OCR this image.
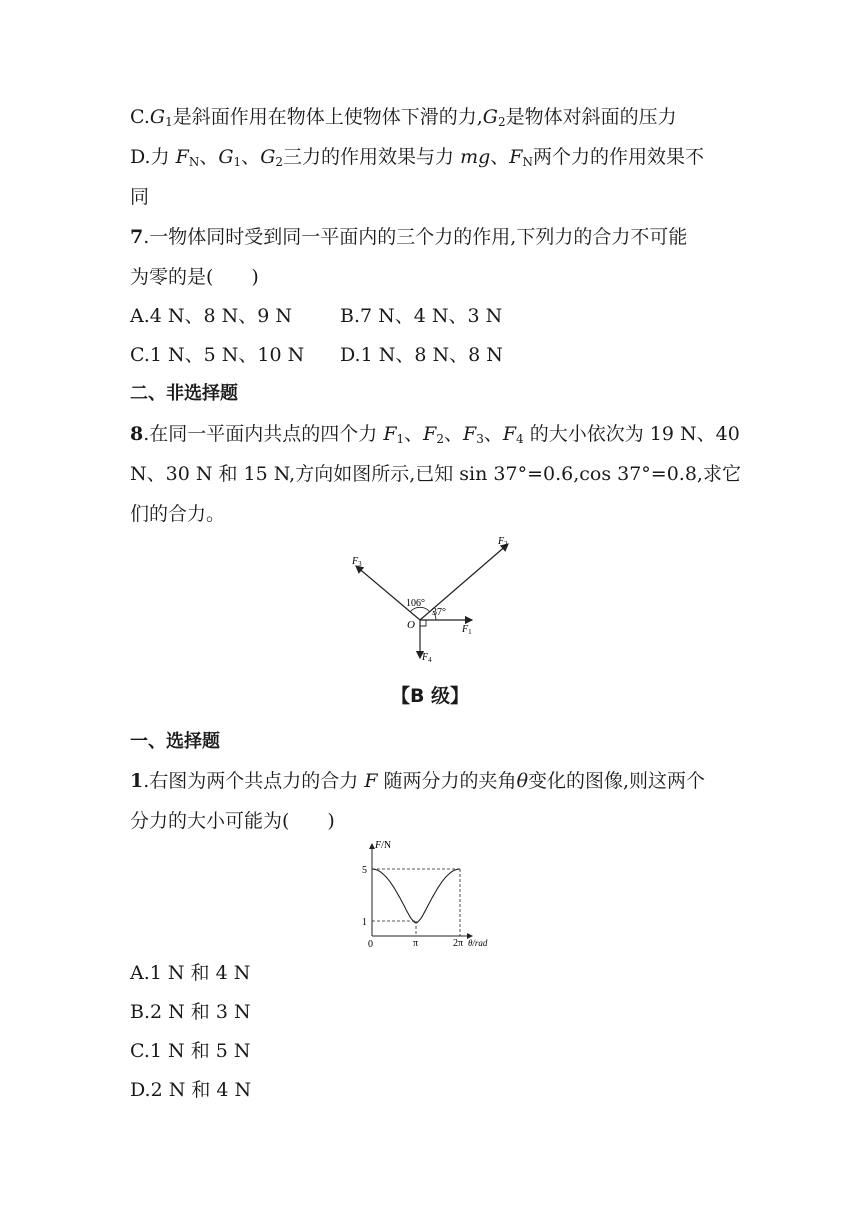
$C.G_1$是斜面作用在物体上使物体下滑的力$,G_2$是物体对斜面的压力
D.力 $F_N$、$G_1$、$G_2$三力的作用效果与力 mg、$F_N$两个力的作用效果不
同
7.一物体同时受到同一平面内的三个力的作用,下列力的合力不可能
为零的是(　　)
A.4 N、8 N、9 N	B.7 N、4 N、3 N
C.1 N、5 N、10 N D.1 N、8 N、8 N
二、非选择题
8.在同一平面内共点的四个力 $F_1$、$F_2$、$F_3$、$F_4$ 的大小依次为 19 N、40
N、30 N 和 15 N,方向如图所示,已知 sin 37°=0.6,cos 37°=0.8,求它
们的合力。
106°
37°
O	$F_1$
$F_2$
$F_3$
$F_4$
【B 级】
一、选择题
1.右图为两个共点力的合力 F 随两分力的夹角θ变化的图像,则这两个
分力的大小可能为(　　)
F/N
5
1
0	π	2π θ/rad
A.1 N 和 4 N
B.2 N 和 3 N
C.1 N 和 5 N
D.2 N 和 4 N
